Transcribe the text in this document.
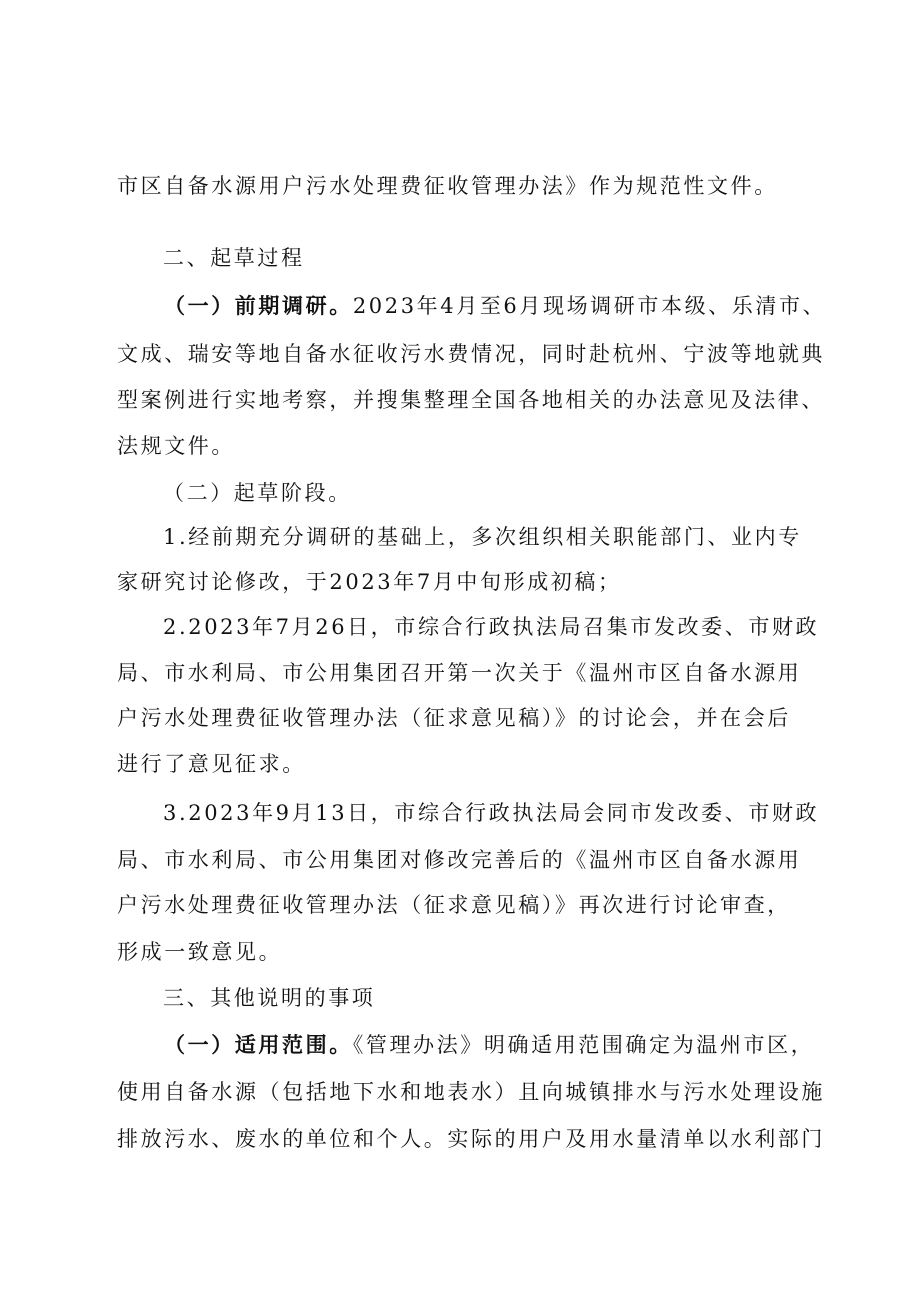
市区自备水源用户污水处理费征收管理办法》作为规范性文件。
二、起草过程
（一）前期调研。2023年4月至6月现场调研市本级、乐清市、
文成、瑞安等地自备水征收污水费情况，同时赴杭州、宁波等地就典
型案例进行实地考察，并搜集整理全国各地相关的办法意见及法律、
法规文件。
（二）起草阶段。
1.经前期充分调研的基础上，多次组织相关职能部门、业内专
家研究讨论修改，于2023年7月中旬形成初稿；
2.2023年7月26日，市综合行政执法局召集市发改委、市财政
局、市水利局、市公用集团召开第一次关于《温州市区自备水源用
户污水处理费征收管理办法（征求意见稿）》的讨论会，并在会后
进行了意见征求。
3.2023年9月13日，市综合行政执法局会同市发改委、市财政
局、市水利局、市公用集团对修改完善后的《温州市区自备水源用
户污水处理费征收管理办法（征求意见稿）》再次进行讨论审查，
形成一致意见。
三、其他说明的事项
（一）适用范围。《管理办法》明确适用范围确定为温州市区，
使用自备水源（包括地下水和地表水）且向城镇排水与污水处理设施
排放污水、废水的单位和个人。实际的用户及用水量清单以水利部门
